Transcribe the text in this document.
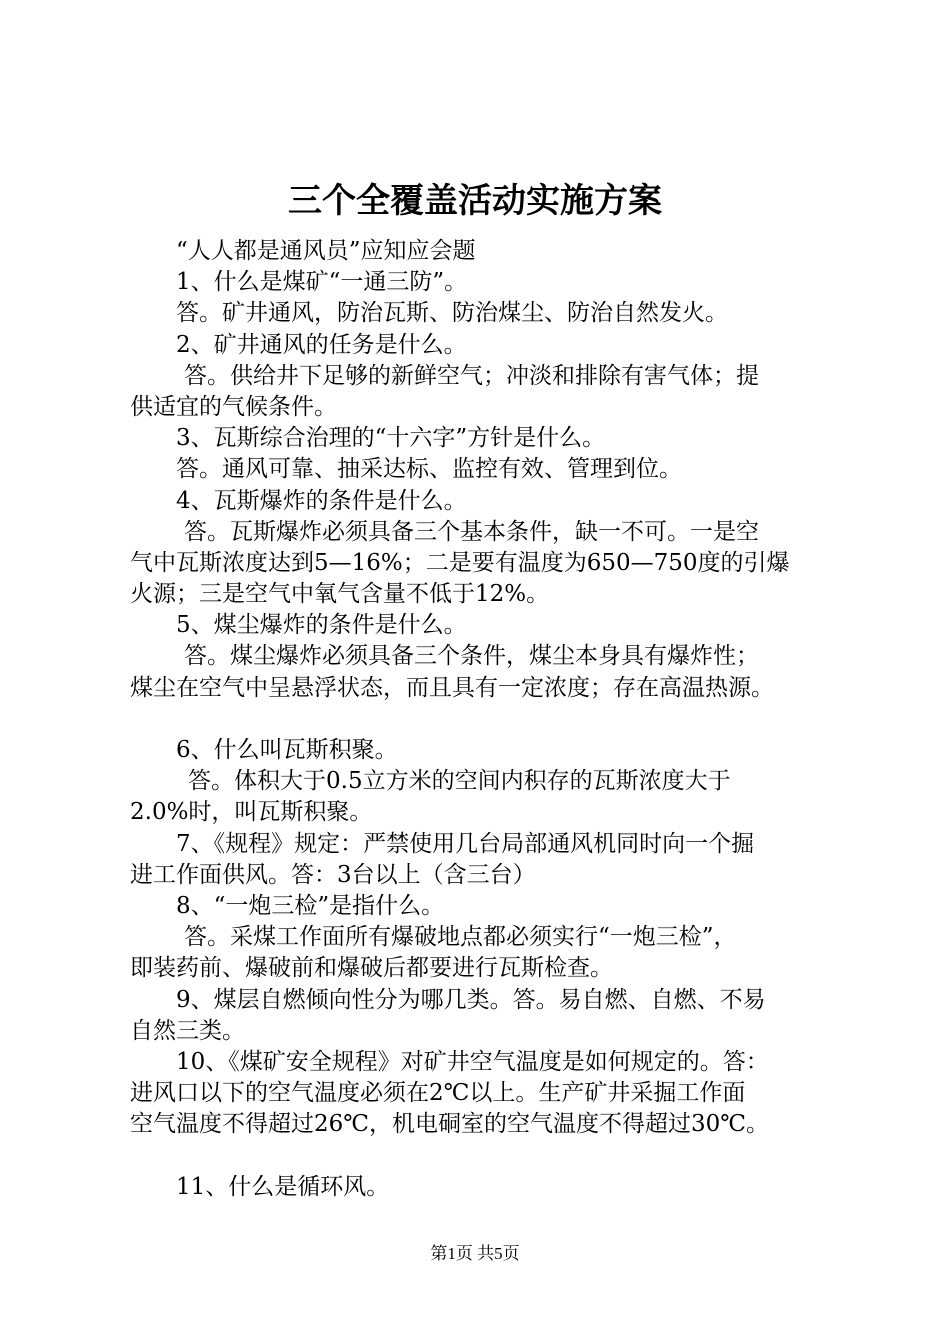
三个全覆盖活动实施方案
“人人都是通风员”应知应会题
1、什么是煤矿“一通三防”。
答。矿井通风，防治瓦斯、防治煤尘、防治自然发火。
2、矿井通风的任务是什么。
答。供给井下足够的新鲜空气；冲淡和排除有害气体；提
供适宜的气候条件。
3、瓦斯综合治理的“十六字”方针是什么。
答。通风可靠、抽采达标、监控有效、管理到位。
4、瓦斯爆炸的条件是什么。
答。瓦斯爆炸必须具备三个基本条件，缺一不可。一是空
气中瓦斯浓度达到5—16%；二是要有温度为650—750度的引爆
火源；三是空气中氧气含量不低于12%。
5、煤尘爆炸的条件是什么。
答。煤尘爆炸必须具备三个条件，煤尘本身具有爆炸性；
煤尘在空气中呈悬浮状态，而且具有一定浓度；存在高温热源。
6、什么叫瓦斯积聚。
答。体积大于0.5立方米的空间内积存的瓦斯浓度大于
2.0%时，叫瓦斯积聚。
7、《规程》规定：严禁使用几台局部通风机同时向一个掘
进工作面供风。答：3台以上（含三台）
8、“一炮三检”是指什么。
答。采煤工作面所有爆破地点都必须实行“一炮三检”，
即装药前、爆破前和爆破后都要进行瓦斯检查。
9、煤层自燃倾向性分为哪几类。答。易自燃、自燃、不易
自然三类。
10、《煤矿安全规程》对矿井空气温度是如何规定的。答：
进风口以下的空气温度必须在2℃以上。生产矿井采掘工作面
空气温度不得超过26℃，机电硐室的空气温度不得超过30℃。
11、什么是循环风。
第1页 共5页
